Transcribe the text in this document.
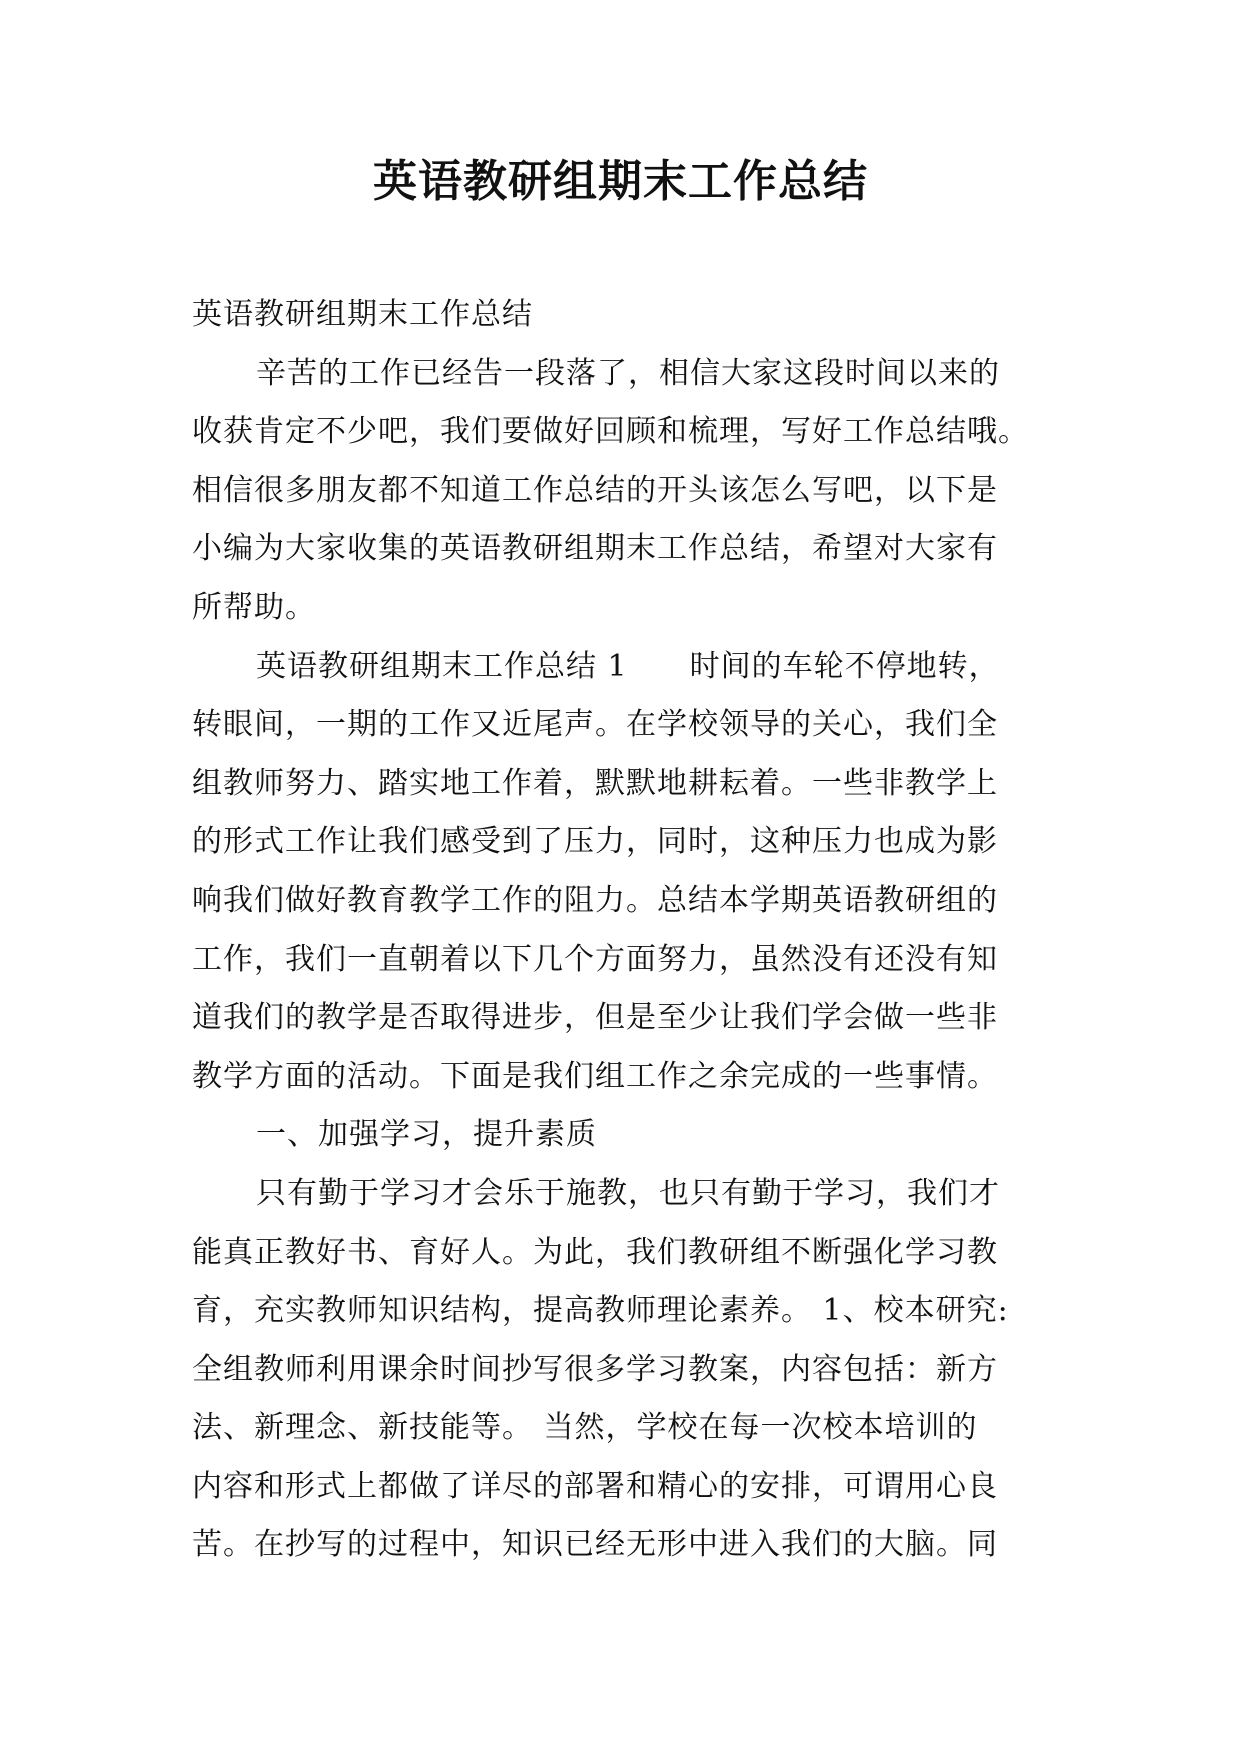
英语教研组期末工作总结
英语教研组期末工作总结
辛苦的工作已经告一段落了，相信大家这段时间以来的
收获肯定不少吧，我们要做好回顾和梳理，写好工作总结哦。
相信很多朋友都不知道工作总结的开头该怎么写吧，以下是
小编为大家收集的英语教研组期末工作总结，希望对大家有
所帮助。
英语教研组期末工作总结 1　　时间的车轮不停地转，
转眼间，一期的工作又近尾声。在学校领导的关心，我们全
组教师努力、踏实地工作着，默默地耕耘着。一些非教学上
的形式工作让我们感受到了压力，同时，这种压力也成为影
响我们做好教育教学工作的阻力。总结本学期英语教研组的
工作，我们一直朝着以下几个方面努力，虽然没有还没有知
道我们的教学是否取得进步，但是至少让我们学会做一些非
教学方面的活动。下面是我们组工作之余完成的一些事情。
一、加强学习，提升素质
只有勤于学习才会乐于施教，也只有勤于学习，我们才
能真正教好书、育好人。为此，我们教研组不断强化学习教
育，充实教师知识结构，提高教师理论素养。 1、校本研究:
全组教师利用课余时间抄写很多学习教案，内容包括：新方
法、新理念、新技能等。 当然，学校在每一次校本培训的
内容和形式上都做了详尽的部署和精心的安排，可谓用心良
苦。在抄写的过程中，知识已经无形中进入我们的大脑。同
